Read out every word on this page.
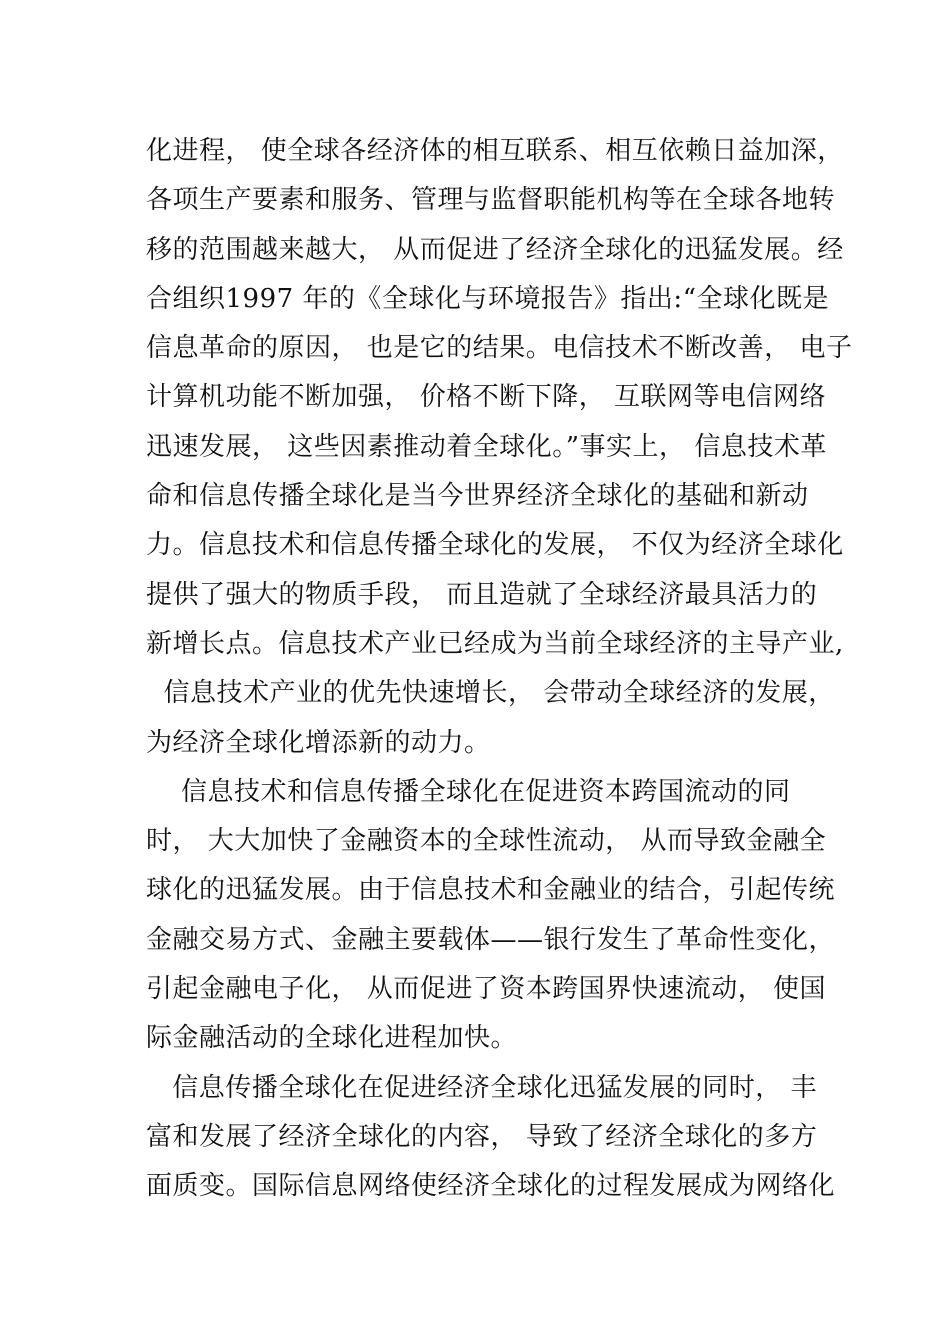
化进程， 使全球各经济体的相互联系、相互依赖日益加深，
各项生产要素和服务、管理与监督职能机构等在全球各地转
移的范围越来越大， 从而促进了经济全球化的迅猛发展。经
合组织1997 年的《全球化与环境报告》指出:“全球化既是
信息革命的原因， 也是它的结果。电信技术不断改善， 电子
计算机功能不断加强， 价格不断下降， 互联网等电信网络
迅速发展， 这些因素推动着全球化。”事实上， 信息技术革
命和信息传播全球化是当今世界经济全球化的基础和新动
力。信息技术和信息传播全球化的发展， 不仅为经济全球化
提供了强大的物质手段， 而且造就了全球经济最具活力的
新增长点。信息技术产业已经成为当前全球经济的主导产业,
信息技术产业的优先快速增长， 会带动全球经济的发展，
为经济全球化增添新的动力。
信息技术和信息传播全球化在促进资本跨国流动的同
时， 大大加快了金融资本的全球性流动， 从而导致金融全
球化的迅猛发展。由于信息技术和金融业的结合，引起传统
金融交易方式、金融主要载体——银行发生了革命性变化，
引起金融电子化， 从而促进了资本跨国界快速流动， 使国
际金融活动的全球化进程加快。
信息传播全球化在促进经济全球化迅猛发展的同时， 丰
富和发展了经济全球化的内容， 导致了经济全球化的多方
面质变。国际信息网络使经济全球化的过程发展成为网络化
